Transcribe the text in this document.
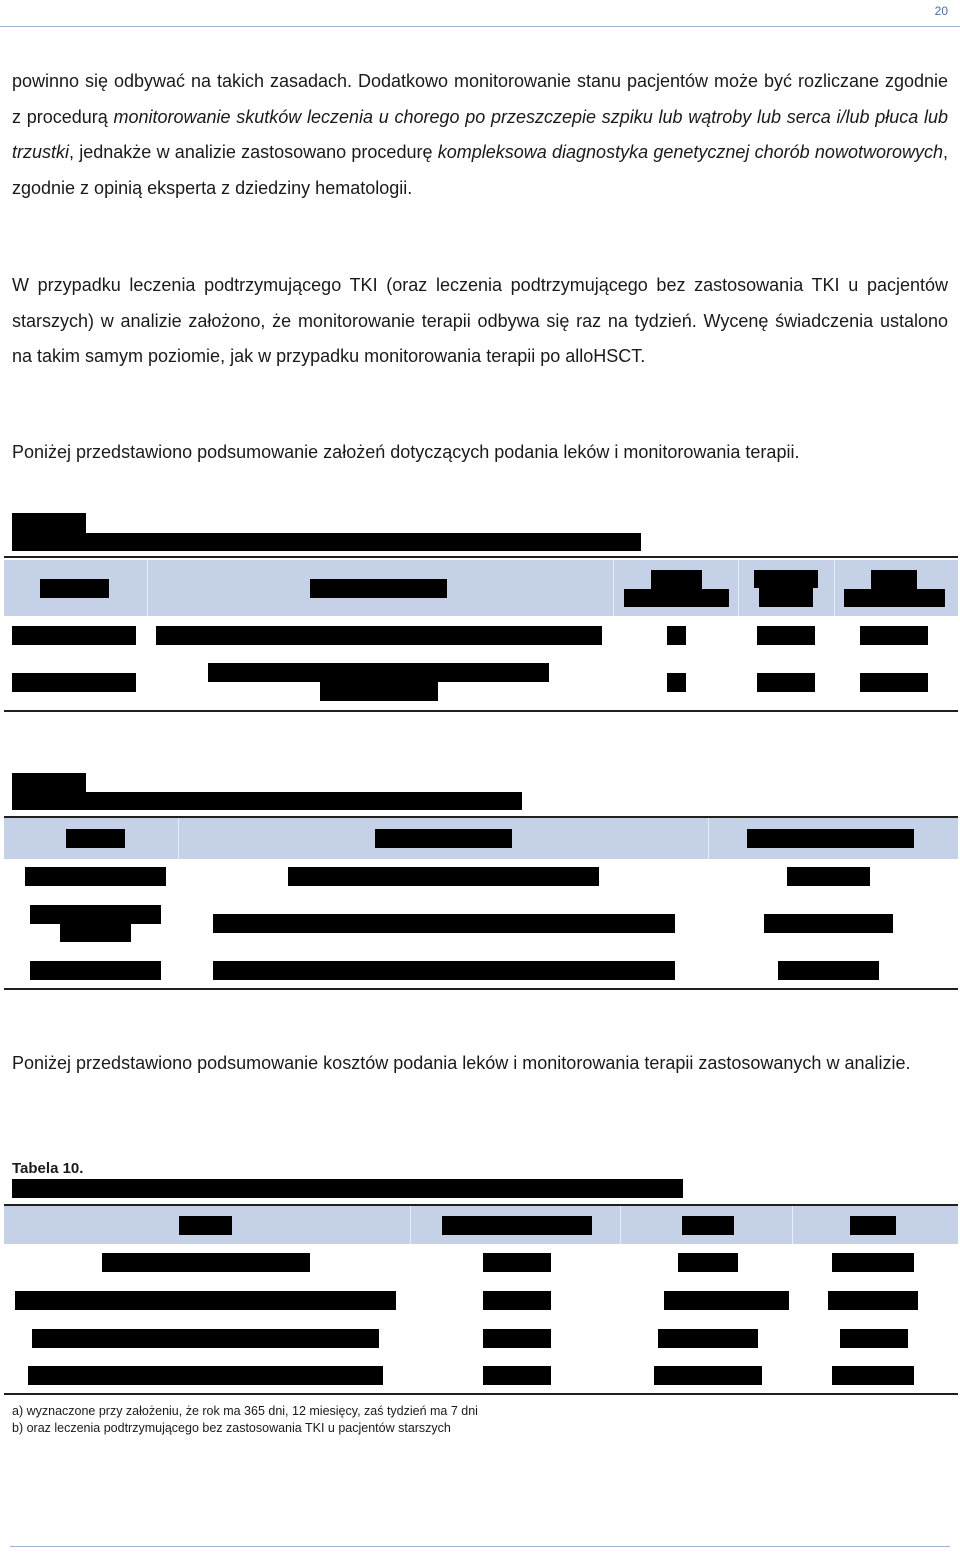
20

powinno się odbywać na takich zasadach. Dodatkowo monitorowanie stanu pacjentów może być rozliczane zgodnie z procedurą monitorowanie skutków leczenia u chorego po przeszczepie szpiku lub wątroby lub serca i/lub płuca lub trzustki, jednakże w analizie zastosowano procedurę kompleksowa diagnostyka genetycznej chorób nowotworowych, zgodnie z opinią eksperta z dziedziny hematologii.

W przypadku leczenia podtrzymującego TKI (oraz leczenia podtrzymującego bez zastosowania TKI u pacjentów starszych) w analizie założono, że monitorowanie terapii odbywa się raz na tydzień. Wycenę świadczenia ustalono na takim samym poziomie, jak w przypadku monitorowania terapii po alloHSCT.

Poniżej przedstawiono podsumowanie założeń dotyczących podania leków i monitorowania terapii.

Poniżej przedstawiono podsumowanie kosztów podania leków i monitorowania terapii zastosowanych w analizie.

Tabela 10.
a) wyznaczone przy założeniu, że rok ma 365 dni, 12 miesięcy, zaś tydzień ma 7 dni
b) oraz leczenia podtrzymującego bez zastosowania TKI u pacjentów starszych
